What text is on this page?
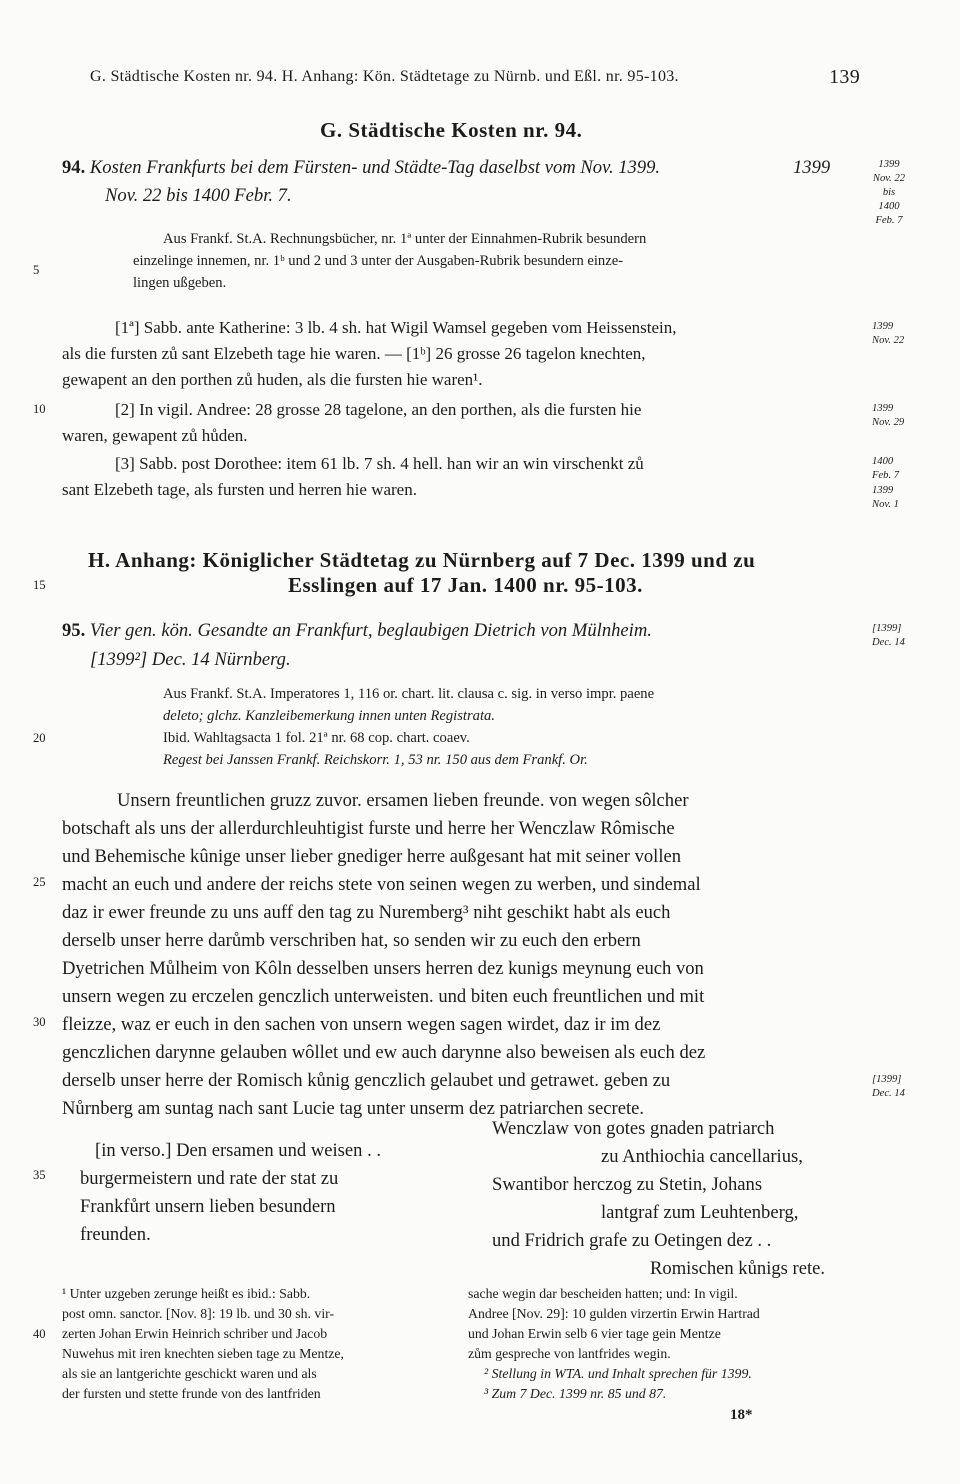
G. Städtische Kosten nr. 94. H. Anhang: Kön. Städtetage zu Nürnb. und Eßl. nr. 95-103.	139
G. Städtische Kosten nr. 94.
94. Kosten Frankfurts bei dem Fürsten- und Städte-Tag daselbst vom Nov. 1399.	1399
Nov. 22 bis 1400 Febr. 7.
Aus Frankf. St.A. Rechnungsbücher, nr. 1ª unter der Einnahmen-Rubrik besundern
einzelinge innemen, nr. 1ᵇ und 2 und 3 unter der Ausgaben-Rubrik besundern einze-
lingen ußgeben.
[1ª] Sabb. ante Katherine: 3 lb. 4 sh. hat Wigil Wamsel gegeben vom Heissenstein,
als die fursten zů sant Elzebeth tage hie waren. — [1ᵇ] 26 grosse 26 tagelon knechten,
gewapent an den porthen zů huden, als die fursten hie waren¹.
[2] In vigil. Andree: 28 grosse 28 tagelone, an den porthen, als die fursten hie
waren, gewapent zů hůden.
[3] Sabb. post Dorothee: item 61 lb. 7 sh. 4 hell. han wir an win virschenkt zů
sant Elzebeth tage, als fursten und herren hie waren.
H. Anhang: Königlicher Städtetag zu Nürnberg auf 7 Dec. 1399 und zu
Esslingen auf 17 Jan. 1400 nr. 95-103.
95. Vier gen. kön. Gesandte an Frankfurt, beglaubigen Dietrich von Mülnheim.
[1399²] Dec. 14 Nürnberg.
Aus Frankf. St.A. Imperatores 1, 116 or. chart. lit. clausa c. sig. in verso impr. paene
deleto; glchz. Kanzleibemerkung innen unten Registrata.
Ibid. Wahltagsacta 1 fol. 21ª nr. 68 cop. chart. coaev.
Regest bei Janssen Frankf. Reichskorr. 1, 53 nr. 150 aus dem Frankf. Or.
Unsern freuntlichen gruzz zuvor. ersamen lieben freunde. von wegen sôlcher
botschaft als uns der allerdurchleuhtigist furste und herre her Wenczlaw Rômische
und Behemische kûnige unser lieber gnediger herre außgesant hat mit seiner vollen
macht an euch und andere der reichs stete von seinen wegen zu werben, und sindemal
daz ir ewer freunde zu uns auff den tag zu Nuremberg³ niht geschikt habt als euch
derselb unser herre darůmb verschriben hat, so senden wir zu euch den erbern
Dyetrichen Můlheim von Kôln desselben unsers herren dez kunigs meynung euch von
unsern wegen zu erczelen genczlich unterweisten. und biten euch freuntlichen und mit
fleizze, waz er euch in den sachen von unsern wegen sagen wirdet, daz ir im dez
genczlichen darynne gelauben wôllet und ew auch darynne also beweisen als euch dez
derselb unser herre der Romisch kůnig genczlich gelaubet und getrawet. geben zu
Nůrnberg am suntag nach sant Lucie tag unter unserm dez patriarchen secrete.
[in verso.] Den ersamen und weisen . .
burgermeistern und rate der stat zu
Frankfůrt unsern lieben besundern
freunden.
Wenczlaw von gotes gnaden patriarch
zu Anthiochia cancellarius,
Swantibor herczog zu Stetin, Johans
lantgraf zum Leuhtenberg,
und Fridrich grafe zu Oetingen dez . .
Romischen kůnigs rete.
¹ Unter uzgeben zerunge heißt es ibid.: Sabb.
post omn. sanctor. [Nov. 8]: 19 lb. und 30 sh. vir-
zerten Johan Erwin Heinrich schriber und Jacob
Nuwehus mit iren knechten sieben tage zu Mentze,
als sie an lantgerichte geschickt waren und als
der fursten und stette frunde von des lantfriden
sache wegin dar bescheiden hatten; und: In vigil.
Andree [Nov. 29]: 10 gulden virzertin Erwin Hartrad
und Johan Erwin selb 6 vier tage gein Mentze
zům gespreche von lantfrides wegin.
² Stellung in WTA. und Inhalt sprechen für 1399.
³ Zum 7 Dec. 1399 nr. 85 und 87.
18*
1399
Nov. 22
bis
1400
Feb. 7
1399
Nov. 22
1399
Nov. 29
1400
Feb. 7
1399
Nov. 1
[1399]
Dec. 14
[1399]
Dec. 14
5
10
15
20
25
30
35
40
